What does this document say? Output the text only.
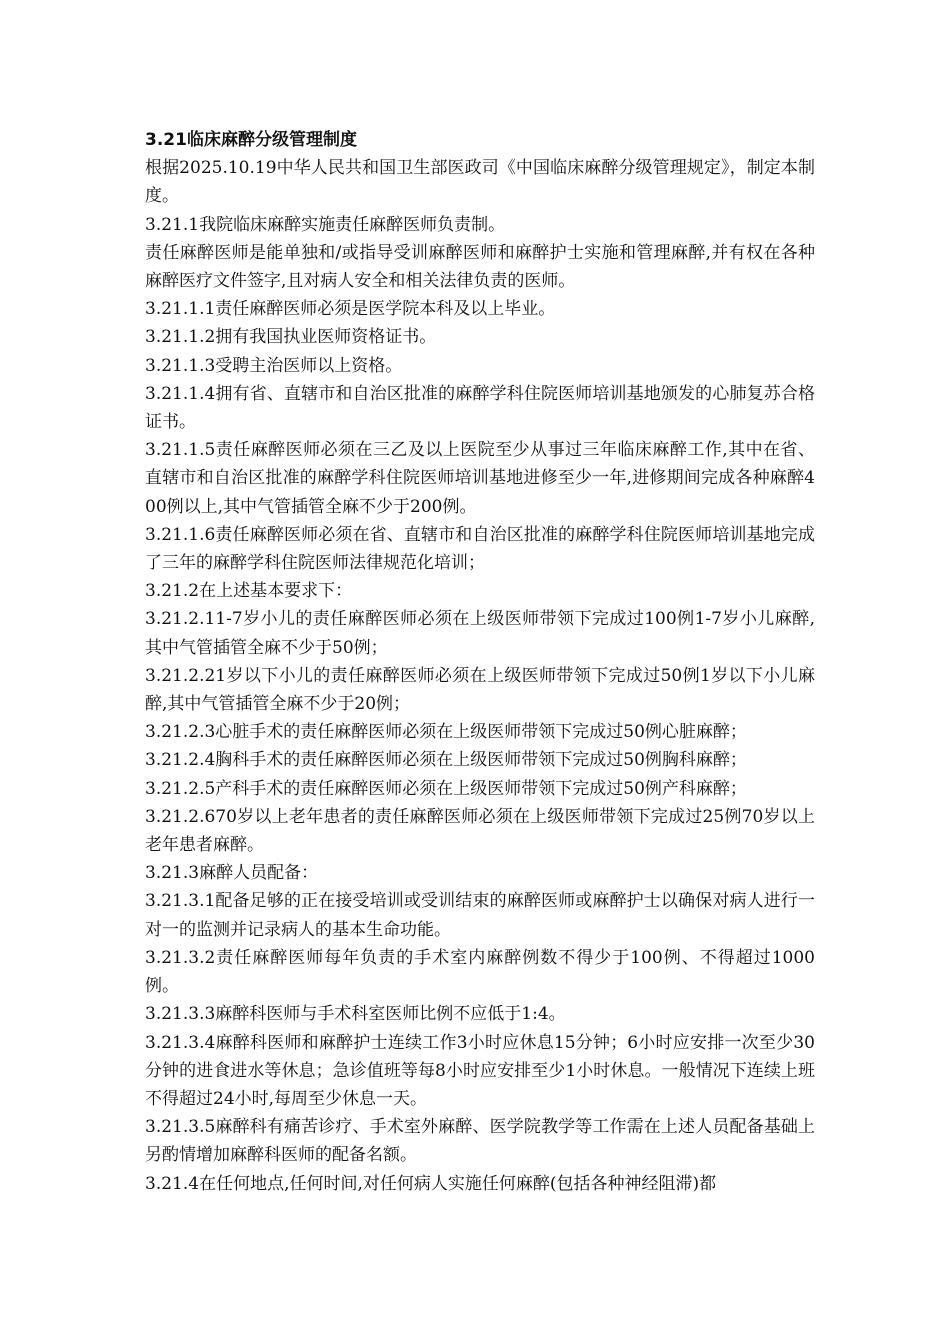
3.21临床麻醉分级管理制度

根据2025.10.19中华人民共和国卫生部医政司《中国临床麻醉分级管理规定》，制定本制度。

3.21.1我院临床麻醉实施责任麻醉医师负责制。

责任麻醉医师是能单独和/或指导受训麻醉医师和麻醉护士实施和管理麻醉,并有权在各种麻醉医疗文件签字,且对病人安全和相关法律负责的医师。

3.21.1.1责任麻醉医师必须是医学院本科及以上毕业。

3.21.1.2拥有我国执业医师资格证书。

3.21.1.3受聘主治医师以上资格。

3.21.1.4拥有省、直辖市和自治区批准的麻醉学科住院医师培训基地颁发的心肺复苏合格证书。

3.21.1.5责任麻醉医师必须在三乙及以上医院至少从事过三年临床麻醉工作,其中在省、直辖市和自治区批准的麻醉学科住院医师培训基地进修至少一年,进修期间完成各种麻醉400例以上,其中气管插管全麻不少于200例。

3.21.1.6责任麻醉医师必须在省、直辖市和自治区批准的麻醉学科住院医师培训基地完成了三年的麻醉学科住院医师法律规范化培训；

3.21.2在上述基本要求下：

3.21.2.11-7岁小儿的责任麻醉医师必须在上级医师带领下完成过100例1-7岁小儿麻醉,其中气管插管全麻不少于50例；

3.21.2.21岁以下小儿的责任麻醉医师必须在上级医师带领下完成过50例1岁以下小儿麻醉,其中气管插管全麻不少于20例；

3.21.2.3心脏手术的责任麻醉医师必须在上级医师带领下完成过50例心脏麻醉；

3.21.2.4胸科手术的责任麻醉医师必须在上级医师带领下完成过50例胸科麻醉；

3.21.2.5产科手术的责任麻醉医师必须在上级医师带领下完成过50例产科麻醉；

3.21.2.670岁以上老年患者的责任麻醉医师必须在上级医师带领下完成过25例70岁以上老年患者麻醉。

3.21.3麻醉人员配备：

3.21.3.1配备足够的正在接受培训或受训结束的麻醉医师或麻醉护士以确保对病人进行一对一的监测并记录病人的基本生命功能。

3.21.3.2责任麻醉医师每年负责的手术室内麻醉例数不得少于100例、不得超过1000例。

3.21.3.3麻醉科医师与手术科室医师比例不应低于1:4。

3.21.3.4麻醉科医师和麻醉护士连续工作3小时应休息15分钟；6小时应安排一次至少30分钟的进食进水等休息；急诊值班等每8小时应安排至少1小时休息。一般情况下连续上班不得超过24小时,每周至少休息一天。

3.21.3.5麻醉科有痛苦诊疗、手术室外麻醉、医学院教学等工作需在上述人员配备基础上另酌情增加麻醉科医师的配备名额。

3.21.4在任何地点,任何时间,对任何病人实施任何麻醉(包括各种神经阻滞)都
